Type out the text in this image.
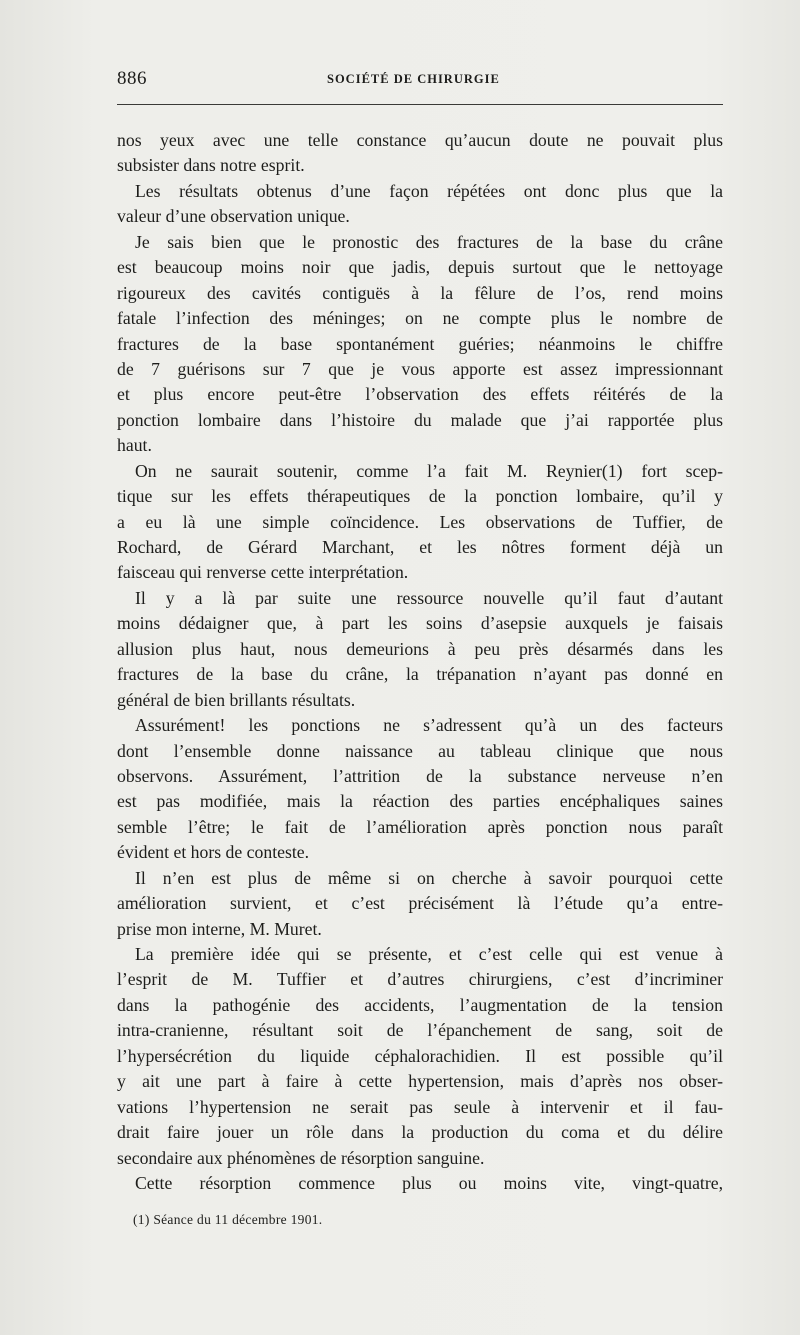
886	SOCIÉTÉ DE CHIRURGIE
nos yeux avec une telle constance qu’aucun doute ne pouvait plus
subsister dans notre esprit.
Les résultats obtenus d’une façon répétées ont donc plus que la
valeur d’une observation unique.
Je sais bien que le pronostic des fractures de la base du crâne
est beaucoup moins noir que jadis, depuis surtout que le nettoyage
rigoureux des cavités contiguës à la fêlure de l’os, rend moins
fatale l’infection des méninges; on ne compte plus le nombre de
fractures de la base spontanément guéries; néanmoins le chiffre
de 7 guérisons sur 7 que je vous apporte est assez impressionnant
et plus encore peut-être l’observation des effets réitérés de la
ponction lombaire dans l’histoire du malade que j’ai rapportée plus
haut.
On ne saurait soutenir, comme l’a fait M. Reynier(1) fort scep-
tique sur les effets thérapeutiques de la ponction lombaire, qu’il y
a eu là une simple coïncidence. Les observations de Tuffier, de
Rochard, de Gérard Marchant, et les nôtres forment déjà un
faisceau qui renverse cette interprétation.
Il y a là par suite une ressource nouvelle qu’il faut d’autant
moins dédaigner que, à part les soins d’asepsie auxquels je faisais
allusion plus haut, nous demeurions à peu près désarmés dans les
fractures de la base du crâne, la trépanation n’ayant pas donné en
général de bien brillants résultats.
Assurément! les ponctions ne s’adressent qu’à un des facteurs
dont l’ensemble donne naissance au tableau clinique que nous
observons. Assurément, l’attrition de la substance nerveuse n’en
est pas modifiée, mais la réaction des parties encéphaliques saines
semble l’être; le fait de l’amélioration après ponction nous paraît
évident et hors de conteste.
Il n’en est plus de même si on cherche à savoir pourquoi cette
amélioration survient, et c’est précisément là l’étude qu’a entre-
prise mon interne, M. Muret.
La première idée qui se présente, et c’est celle qui est venue à
l’esprit de M. Tuffier et d’autres chirurgiens, c’est d’incriminer
dans la pathogénie des accidents, l’augmentation de la tension
intra-cranienne, résultant soit de l’épanchement de sang, soit de
l’hypersécrétion du liquide céphalorachidien. Il est possible qu’il
y ait une part à faire à cette hypertension, mais d’après nos obser-
vations l’hypertension ne serait pas seule à intervenir et il fau-
drait faire jouer un rôle dans la production du coma et du délire
secondaire aux phénomènes de résorption sanguine.
Cette résorption commence plus ou moins vite, vingt-quatre,
(1) Séance du 11 décembre 1901.
